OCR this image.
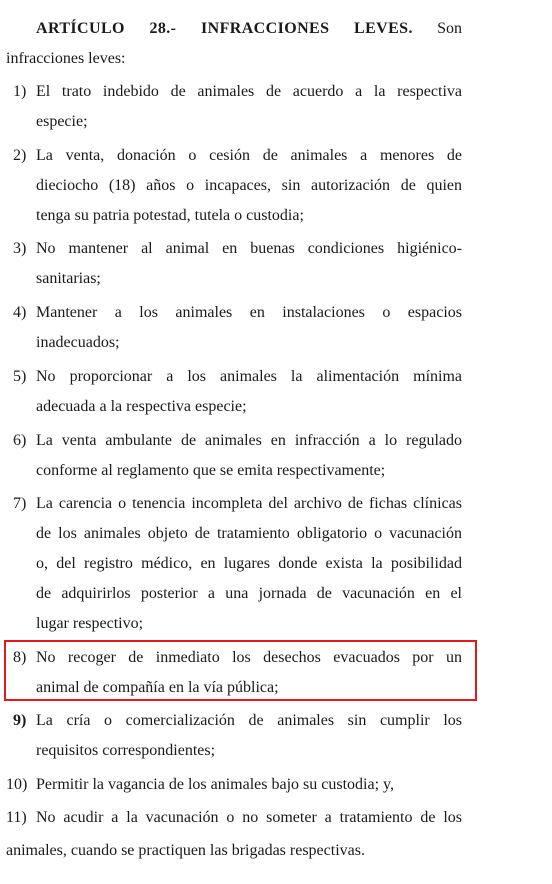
ARTÍCULO 28.- INFRACCIONES LEVES. Son
infracciones leves:
1) El trato indebido de animales de acuerdo a la respectiva
especie;
2) La venta, donación o cesión de animales a menores de
dieciocho (18) años o incapaces, sin autorización de quien
tenga su patria potestad, tutela o custodia;
3) No mantener al animal en buenas condiciones higiénico-
sanitarias;
4) Mantener a los animales en instalaciones o espacios
inadecuados;
5) No proporcionar a los animales la alimentación mínima
adecuada a la respectiva especie;
6) La venta ambulante de animales en infracción a lo regulado
conforme al reglamento que se emita respectivamente;
7) La carencia o tenencia incompleta del archivo de fichas clínicas
de los animales objeto de tratamiento obligatorio o vacunación
o, del registro médico, en lugares donde exista la posibilidad
de adquirirlos posterior a una jornada de vacunación en el
lugar respectivo;
8) No recoger de inmediato los desechos evacuados por un
animal de compañía en la vía pública;
9) La cría o comercialización de animales sin cumplir los
requisitos correspondientes;
10) Permitir la vagancia de los animales bajo su custodia; y,
11) No acudir a la vacunación o no someter a tratamiento de los
animales, cuando se practiquen las brigadas respectivas.
